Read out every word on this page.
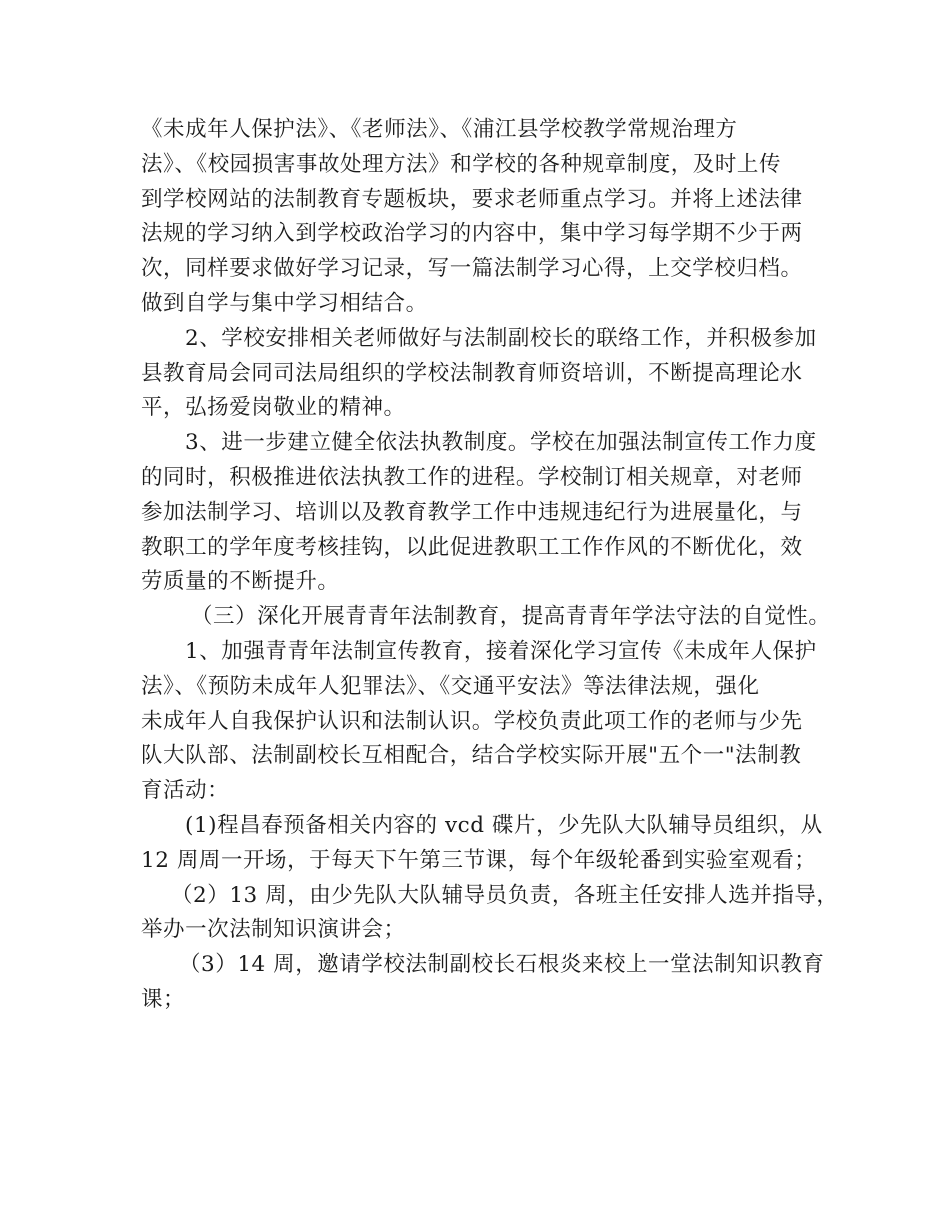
《未成年人保护法》、《老师法》、《浦江县学校教学常规治理方
法》、《校园损害事故处理方法》和学校的各种规章制度，及时上传
到学校网站的法制教育专题板块，要求老师重点学习。并将上述法律
法规的学习纳入到学校政治学习的内容中，集中学习每学期不少于两
次，同样要求做好学习记录，写一篇法制学习心得，上交学校归档。
做到自学与集中学习相结合。
2、学校安排相关老师做好与法制副校长的联络工作，并积极参加
县教育局会同司法局组织的学校法制教育师资培训，不断提高理论水
平，弘扬爱岗敬业的精神。
3、进一步建立健全依法执教制度。学校在加强法制宣传工作力度
的同时，积极推进依法执教工作的进程。学校制订相关规章，对老师
参加法制学习、培训以及教育教学工作中违规违纪行为进展量化，与
教职工的学年度考核挂钩，以此促进教职工工作作风的不断优化，效
劳质量的不断提升。
（三）深化开展青青年法制教育，提高青青年学法守法的自觉性。
1、加强青青年法制宣传教育，接着深化学习宣传《未成年人保护
法》、《预防未成年人犯罪法》、《交通平安法》等法律法规，强化
未成年人自我保护认识和法制认识。学校负责此项工作的老师与少先
队大队部、法制副校长互相配合，结合学校实际开展"五个一"法制教
育活动：
(1)程昌春预备相关内容的 vcd 碟片，少先队大队辅导员组织，从
12 周周一开场，于每天下午第三节课，每个年级轮番到实验室观看；
（2）13 周，由少先队大队辅导员负责，各班主任安排人选并指导，
举办一次法制知识演讲会；
（3）14 周，邀请学校法制副校长石根炎来校上一堂法制知识教育
课；
